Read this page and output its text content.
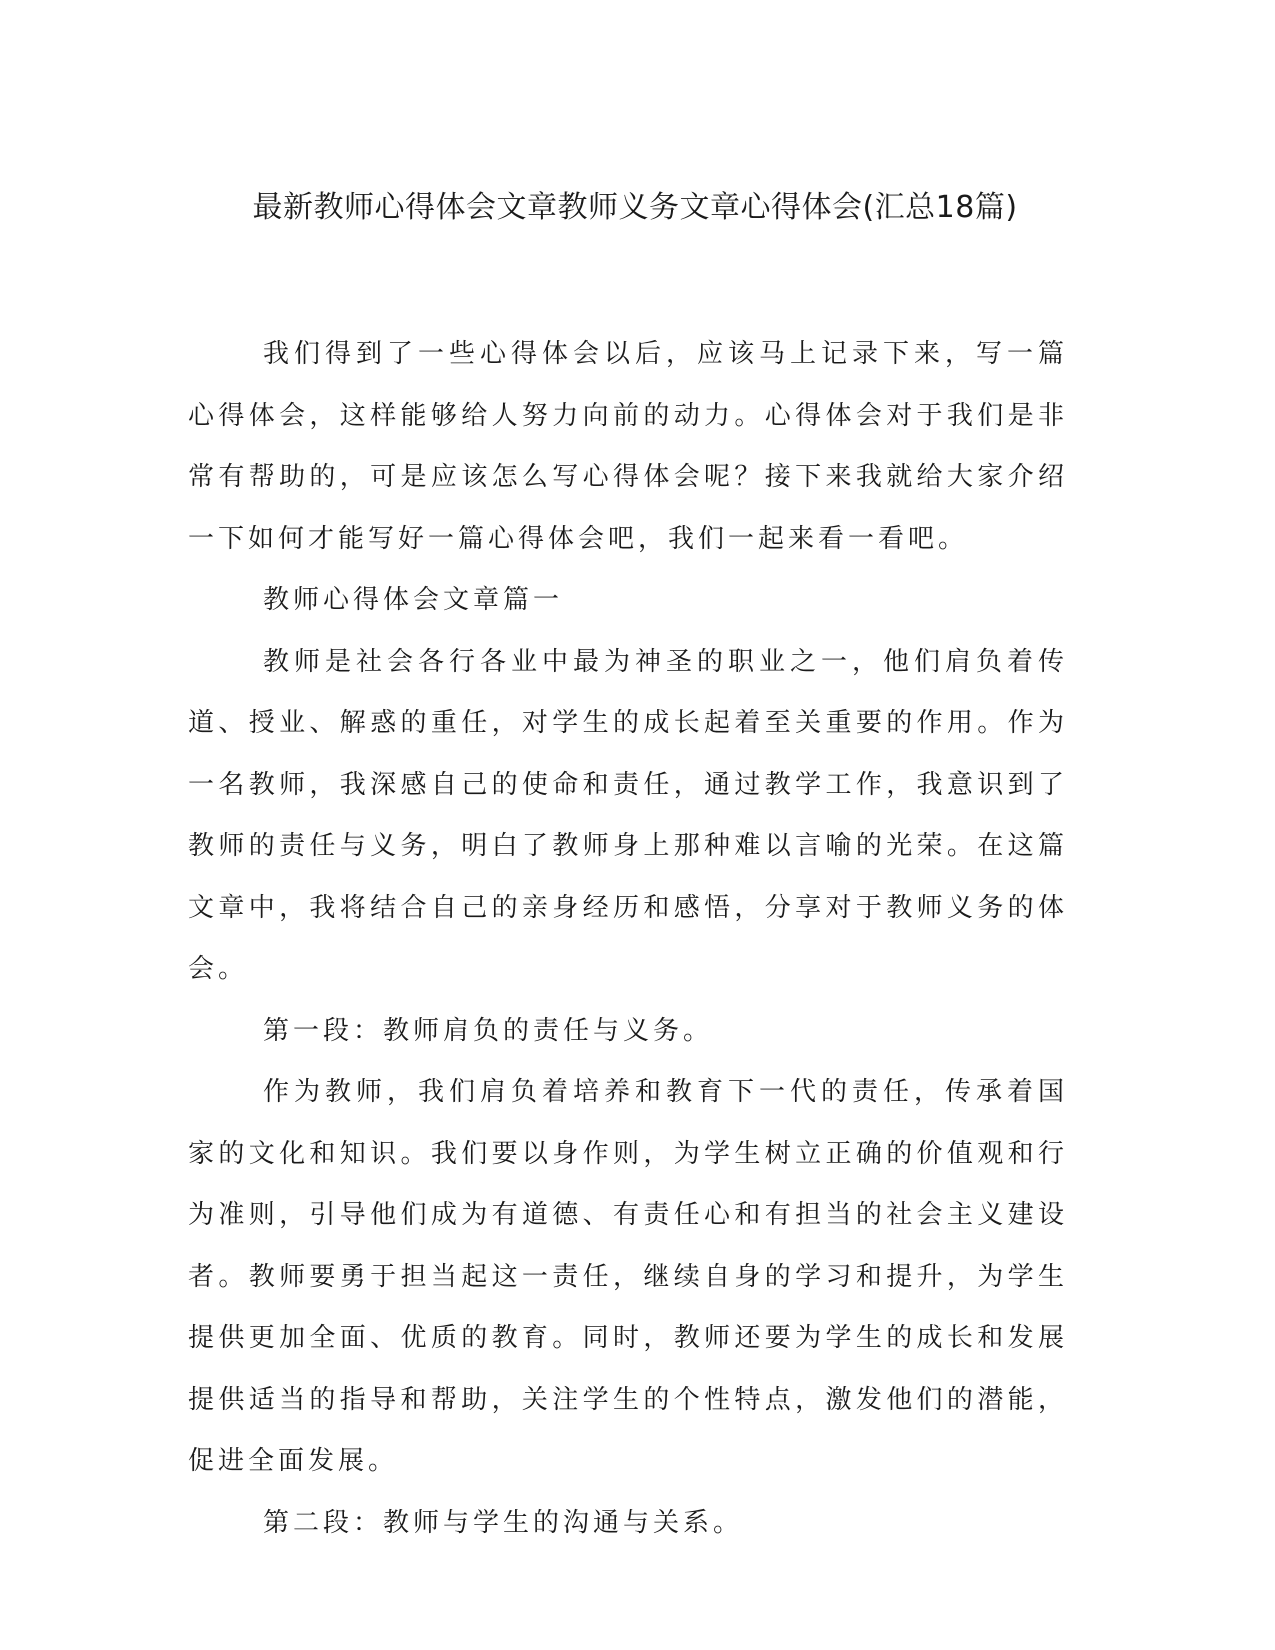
最新教师心得体会文章教师义务文章心得体会(汇总18篇)

我们得到了一些心得体会以后，应该马上记录下来，写一篇心得体会，这样能够给人努力向前的动力。心得体会对于我们是非常有帮助的，可是应该怎么写心得体会呢？接下来我就给大家介绍一下如何才能写好一篇心得体会吧，我们一起来看一看吧。

教师心得体会文章篇一

教师是社会各行各业中最为神圣的职业之一，他们肩负着传道、授业、解惑的重任，对学生的成长起着至关重要的作用。作为一名教师，我深感自己的使命和责任，通过教学工作，我意识到了教师的责任与义务，明白了教师身上那种难以言喻的光荣。在这篇文章中，我将结合自己的亲身经历和感悟，分享对于教师义务的体会。

第一段：教师肩负的责任与义务。

作为教师，我们肩负着培养和教育下一代的责任，传承着国家的文化和知识。我们要以身作则，为学生树立正确的价值观和行为准则，引导他们成为有道德、有责任心和有担当的社会主义建设者。教师要勇于担当起这一责任，继续自身的学习和提升，为学生提供更加全面、优质的教育。同时，教师还要为学生的成长和发展提供适当的指导和帮助，关注学生的个性特点，激发他们的潜能，促进全面发展。

第二段：教师与学生的沟通与关系。
